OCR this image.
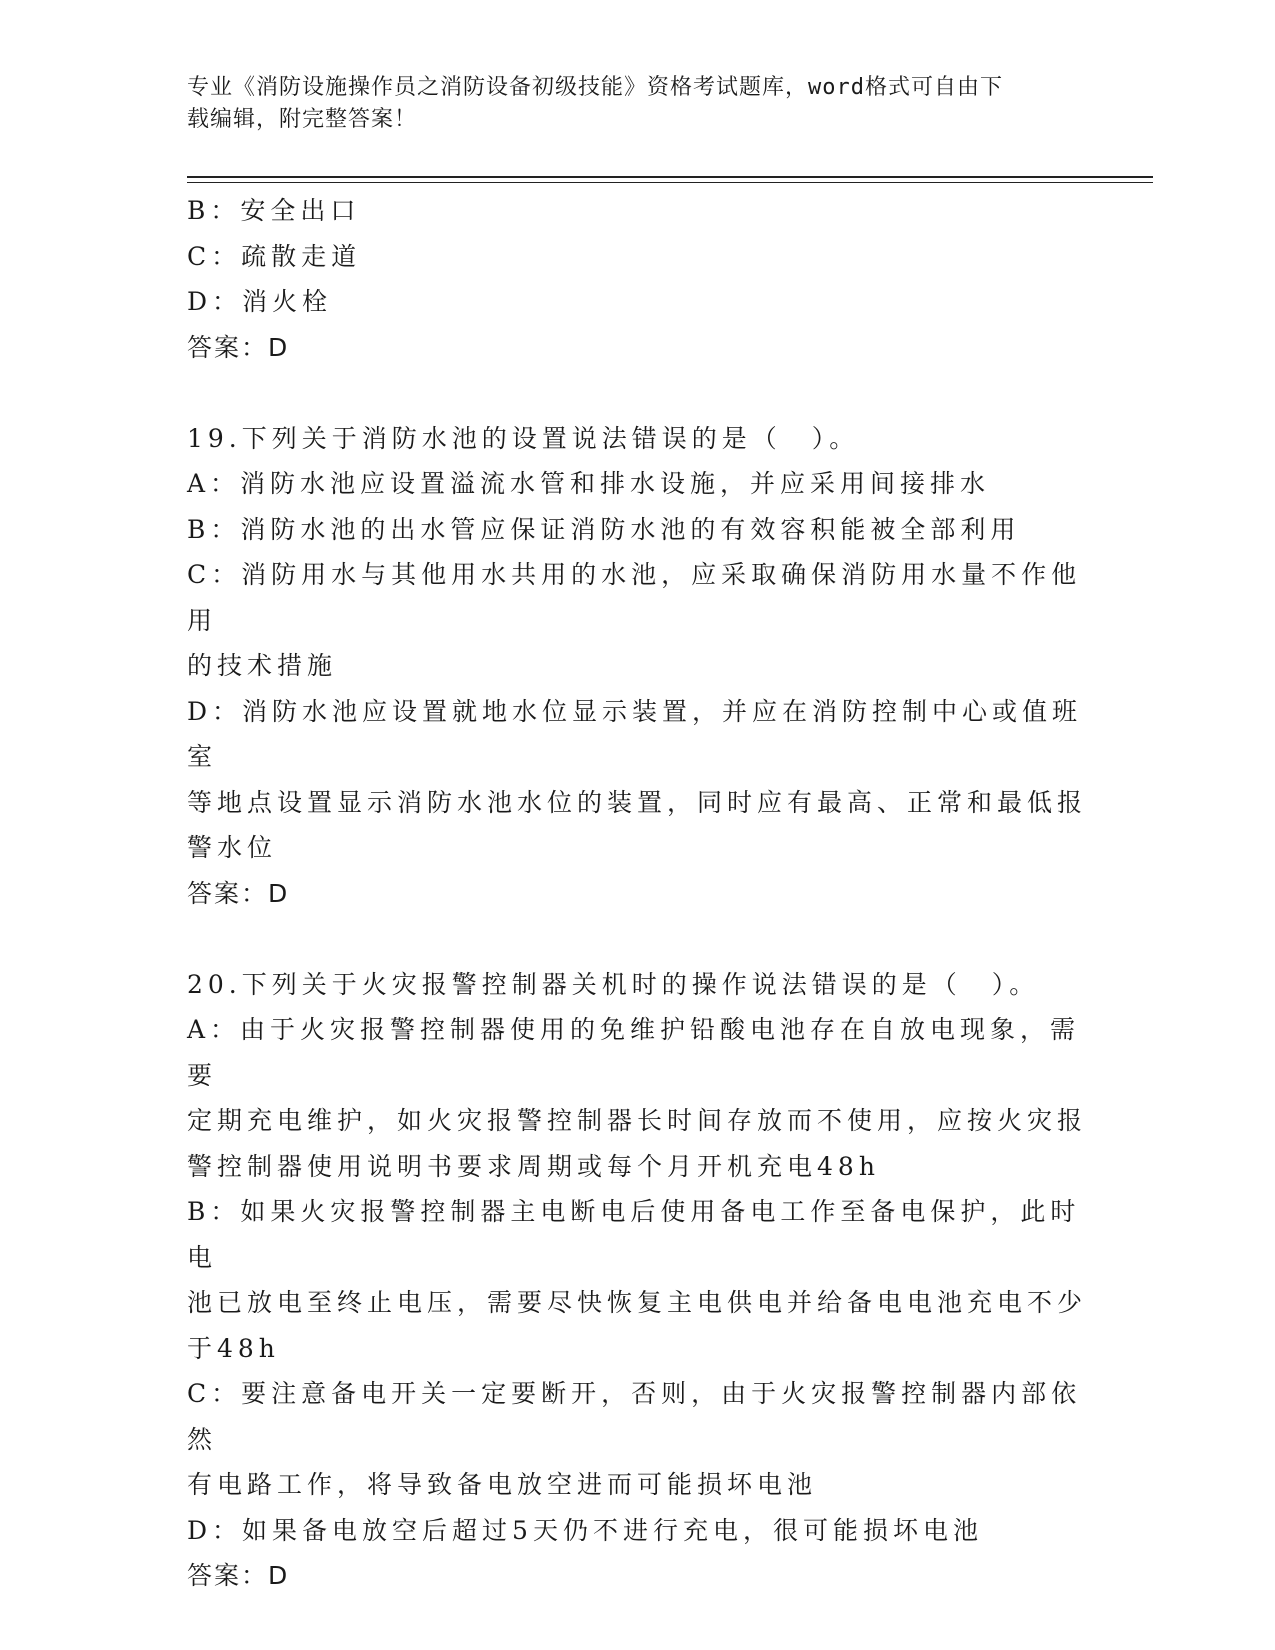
专业《消防设施操作员之消防设备初级技能》资格考试题库，word格式可自由下
载编辑，附完整答案！

B：安全出口

C：疏散走道

D：消火栓

答案：D

19.下列关于消防水池的设置说法错误的是（　）。

A：消防水池应设置溢流水管和排水设施，并应采用间接排水

B：消防水池的出水管应保证消防水池的有效容积能被全部利用

C：消防用水与其他用水共用的水池，应采取确保消防用水量不作他用

的技术措施

D：消防水池应设置就地水位显示装置，并应在消防控制中心或值班室

等地点设置显示消防水池水位的装置，同时应有最高、正常和最低报

警水位

答案：D

20.下列关于火灾报警控制器关机时的操作说法错误的是（　）。

A：由于火灾报警控制器使用的免维护铅酸电池存在自放电现象，需要

定期充电维护，如火灾报警控制器长时间存放而不使用，应按火灾报

警控制器使用说明书要求周期或每个月开机充电48h

B：如果火灾报警控制器主电断电后使用备电工作至备电保护，此时电

池已放电至终止电压，需要尽快恢复主电供电并给备电电池充电不少

于48h

C：要注意备电开关一定要断开，否则，由于火灾报警控制器内部依然

有电路工作，将导致备电放空进而可能损坏电池

D：如果备电放空后超过5天仍不进行充电，很可能损坏电池

答案：D
